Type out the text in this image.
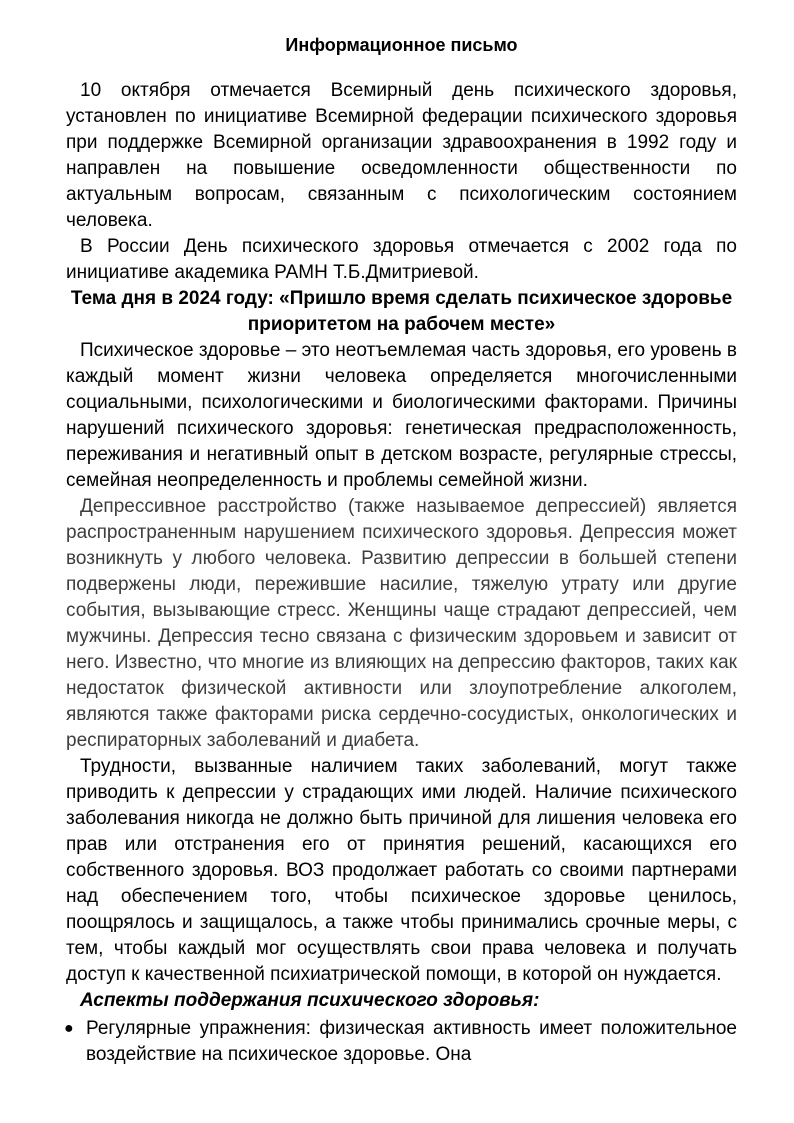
Информационное письмо

10 октября отмечается Всемирный день психического здоровья, установлен по инициативе Всемирной федерации психического здоровья при поддержке Всемирной организации здравоохранения в 1992 году и направлен на повышение осведомленности общественности по актуальным вопросам, связанным с психологическим состоянием человека.

В России День психического здоровья отмечается с 2002 года по инициативе академика РАМН Т.Б.Дмитриевой.

Тема дня в 2024 году: «Пришло время сделать психическое здоровье приоритетом на рабочем месте»

Психическое здоровье – это неотъемлемая часть здоровья, его уровень в каждый момент жизни человека определяется многочисленными социальными, психологическими и биологическими факторами. Причины нарушений психического здоровья: генетическая предрасположенность, переживания и негативный опыт в детском возрасте, регулярные стрессы, семейная неопределенность и проблемы семейной жизни.

Депрессивное расстройство (также называемое депрессией) является распространенным нарушением психического здоровья. Депрессия может возникнуть у любого человека. Развитию депрессии в большей степени подвержены люди, пережившие насилие, тяжелую утрату или другие события, вызывающие стресс. Женщины чаще страдают депрессией, чем мужчины. Депрессия тесно связана с физическим здоровьем и зависит от него. Известно, что многие из влияющих на депрессию факторов, таких как недостаток физической активности или злоупотребление алкоголем, являются также факторами риска сердечно-сосудистых, онкологических и респираторных заболеваний и диабета.

Трудности, вызванные наличием таких заболеваний, могут также приводить к депрессии у страдающих ими людей. Наличие психического заболевания никогда не должно быть причиной для лишения человека его прав или отстранения его от принятия решений, касающихся его собственного здоровья. ВОЗ продолжает работать со своими партнерами над обеспечением того, чтобы психическое здоровье ценилось, поощрялось и защищалось, а также чтобы принимались срочные меры, с тем, чтобы каждый мог осуществлять свои права человека и получать доступ к качественной психиатрической помощи, в которой он нуждается.

Аспекты поддержания психического здоровья:

● Регулярные упражнения: физическая активность имеет положительное воздействие на психическое здоровье. Она
